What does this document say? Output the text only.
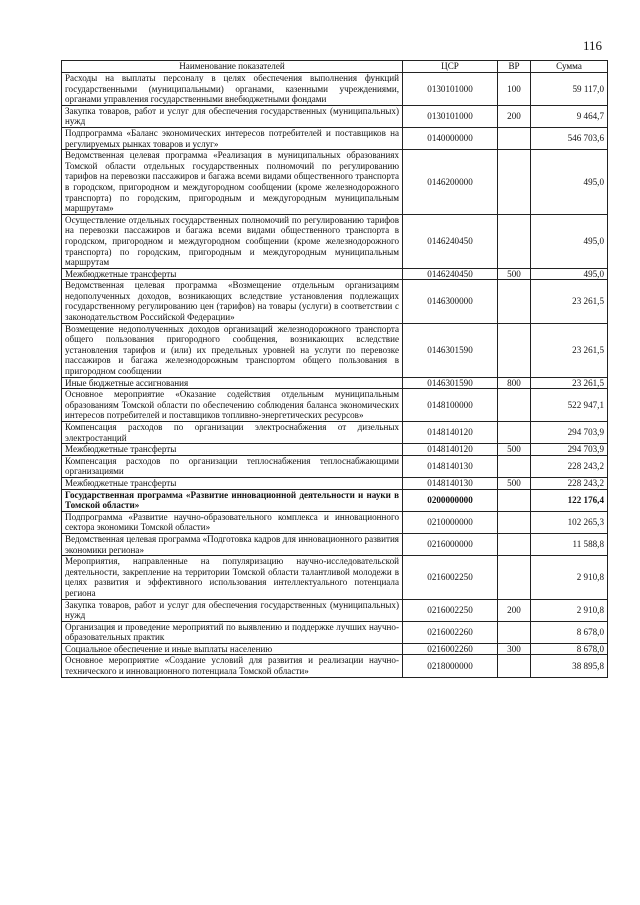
116
Наименование показателей	ЦСР	ВР	Сумма
Расходы на выплаты персоналу в целях обеспечения выполнения функций государственными (муниципальными) органами, казенными учреждениями, органами управления государственными внебюджетными фондами	0130101000	100	59 117,0
Закупка товаров, работ и услуг для обеспечения государственных (муниципальных) нужд	0130101000	200	9 464,7
Подпрограмма «Баланс экономических интересов потребителей и поставщиков на регулируемых рынках товаров и услуг»	0140000000		546 703,6
Ведомственная целевая программа «Реализация в муниципальных образованиях Томской области отдельных государственных полномочий по регулированию тарифов на перевозки пассажиров и багажа всеми видами общественного транспорта в городском, пригородном и междугородном сообщении (кроме железнодорожного транспорта) по городским, пригородным и междугородным муниципальным маршрутам»	0146200000		495,0
Осуществление отдельных государственных полномочий по регулированию тарифов на перевозки пассажиров и багажа всеми видами общественного транспорта в городском, пригородном и междугородном сообщении (кроме железнодорожного транспорта) по городским, пригородным и междугородным муниципальным маршрутам	0146240450		495,0
Межбюджетные трансферты	0146240450	500	495,0
Ведомственная целевая программа «Возмещение отдельным организациям недополученных доходов, возникающих вследствие установления подлежащих государственному регулированию цен (тарифов) на товары (услуги) в соответствии с законодательством Российской Федерации»	0146300000		23 261,5
Возмещение недополученных доходов организаций железнодорожного транспорта общего пользования пригородного сообщения, возникающих вследствие установления тарифов и (или) их предельных уровней на услуги по перевозке пассажиров и багажа железнодорожным транспортом общего пользования в пригородном сообщении	0146301590		23 261,5
Иные бюджетные ассигнования	0146301590	800	23 261,5
Основное мероприятие «Оказание содействия отдельным муниципальным образованиям Томской области по обеспечению соблюдения баланса экономических интересов потребителей и поставщиков топливно-энергетических ресурсов»	0148100000		522 947,1
Компенсация расходов по организации электроснабжения от дизельных электростанций	0148140120		294 703,9
Межбюджетные трансферты	0148140120	500	294 703,9
Компенсация расходов по организации теплоснабжения теплоснабжающими организациями	0148140130		228 243,2
Межбюджетные трансферты	0148140130	500	228 243,2
Государственная программа «Развитие инновационной деятельности и науки в Томской области»	0200000000		122 176,4
Подпрограмма «Развитие научно-образовательного комплекса и инновационного сектора экономики Томской области»	0210000000		102 265,3
Ведомственная целевая программа «Подготовка кадров для инновационного развития экономики региона»	0216000000		11 588,8
Мероприятия, направленные на популяризацию научно-исследовательской деятельности, закрепление на территории Томской области талантливой молодежи в целях развития и эффективного использования интеллектуального потенциала региона	0216002250		2 910,8
Закупка товаров, работ и услуг для обеспечения государственных (муниципальных) нужд	0216002250	200	2 910,8
Организация и проведение мероприятий по выявлению и поддержке лучших научно-образовательных практик	0216002260		8 678,0
Социальное обеспечение и иные выплаты населению	0216002260	300	8 678,0
Основное мероприятие «Создание условий для развития и реализации научно-технического и инновационного потенциала Томской области»	0218000000		38 895,8
